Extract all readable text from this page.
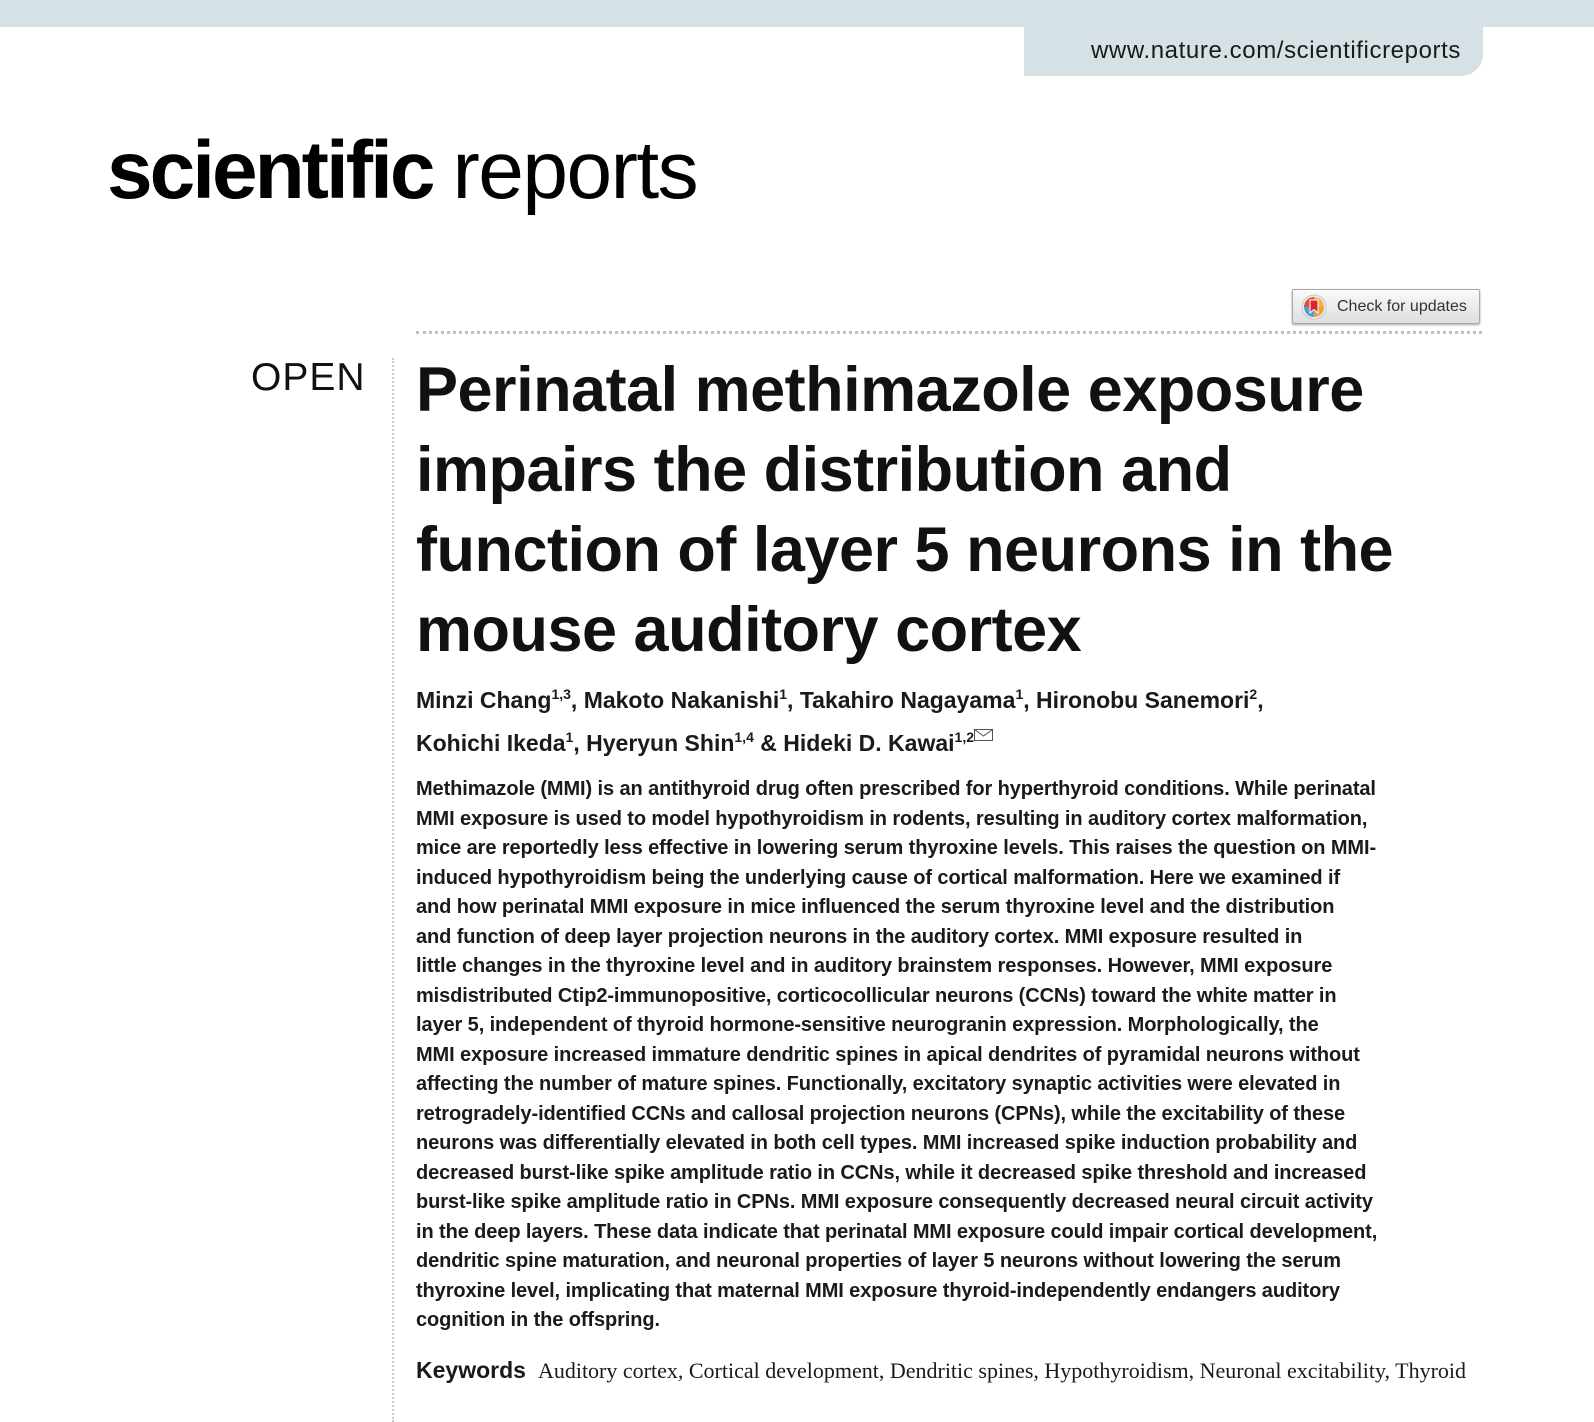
www.nature.com/scientificreports
scientific reports
Check for updates
OPEN Perinatal methimazole exposure impairs the distribution and function of layer 5 neurons in the mouse auditory cortex
Minzi Chang$^{1,3}$, Makoto Nakanishi$^1$, Takahiro Nagayama$^1$, Hironobu Sanemori$^2$,
Kohichi Ikeda$^1$, Hyeryun Shin$^{1,4}$ & Hideki D. Kawai$^{1,2}$

Methimazole (MMI) is an antithyroid drug often prescribed for hyperthyroid conditions. While perinatal
MMI exposure is used to model hypothyroidism in rodents, resulting in auditory cortex malformation,
mice are reportedly less effective in lowering serum thyroxine levels. This raises the question on MMI-
induced hypothyroidism being the underlying cause of cortical malformation. Here we examined if
and how perinatal MMI exposure in mice influenced the serum thyroxine level and the distribution
and function of deep layer projection neurons in the auditory cortex. MMI exposure resulted in
little changes in the thyroxine level and in auditory brainstem responses. However, MMI exposure
misdistributed Ctip2-immunopositive, corticocollicular neurons (CCNs) toward the white matter in
layer 5, independent of thyroid hormone-sensitive neurogranin expression. Morphologically, the
MMI exposure increased immature dendritic spines in apical dendrites of pyramidal neurons without
affecting the number of mature spines. Functionally, excitatory synaptic activities were elevated in
retrogradely-identified CCNs and callosal projection neurons (CPNs), while the excitability of these
neurons was differentially elevated in both cell types. MMI increased spike induction probability and
decreased burst-like spike amplitude ratio in CCNs, while it decreased spike threshold and increased
burst-like spike amplitude ratio in CPNs. MMI exposure consequently decreased neural circuit activity
in the deep layers. These data indicate that perinatal MMI exposure could impair cortical development,
dendritic spine maturation, and neuronal properties of layer 5 neurons without lowering the serum
thyroxine level, implicating that maternal MMI exposure thyroid-independently endangers auditory
cognition in the offspring.

Keywords Auditory cortex, Cortical development, Dendritic spines, Hypothyroidism, Neuronal excitability, Thyroid
